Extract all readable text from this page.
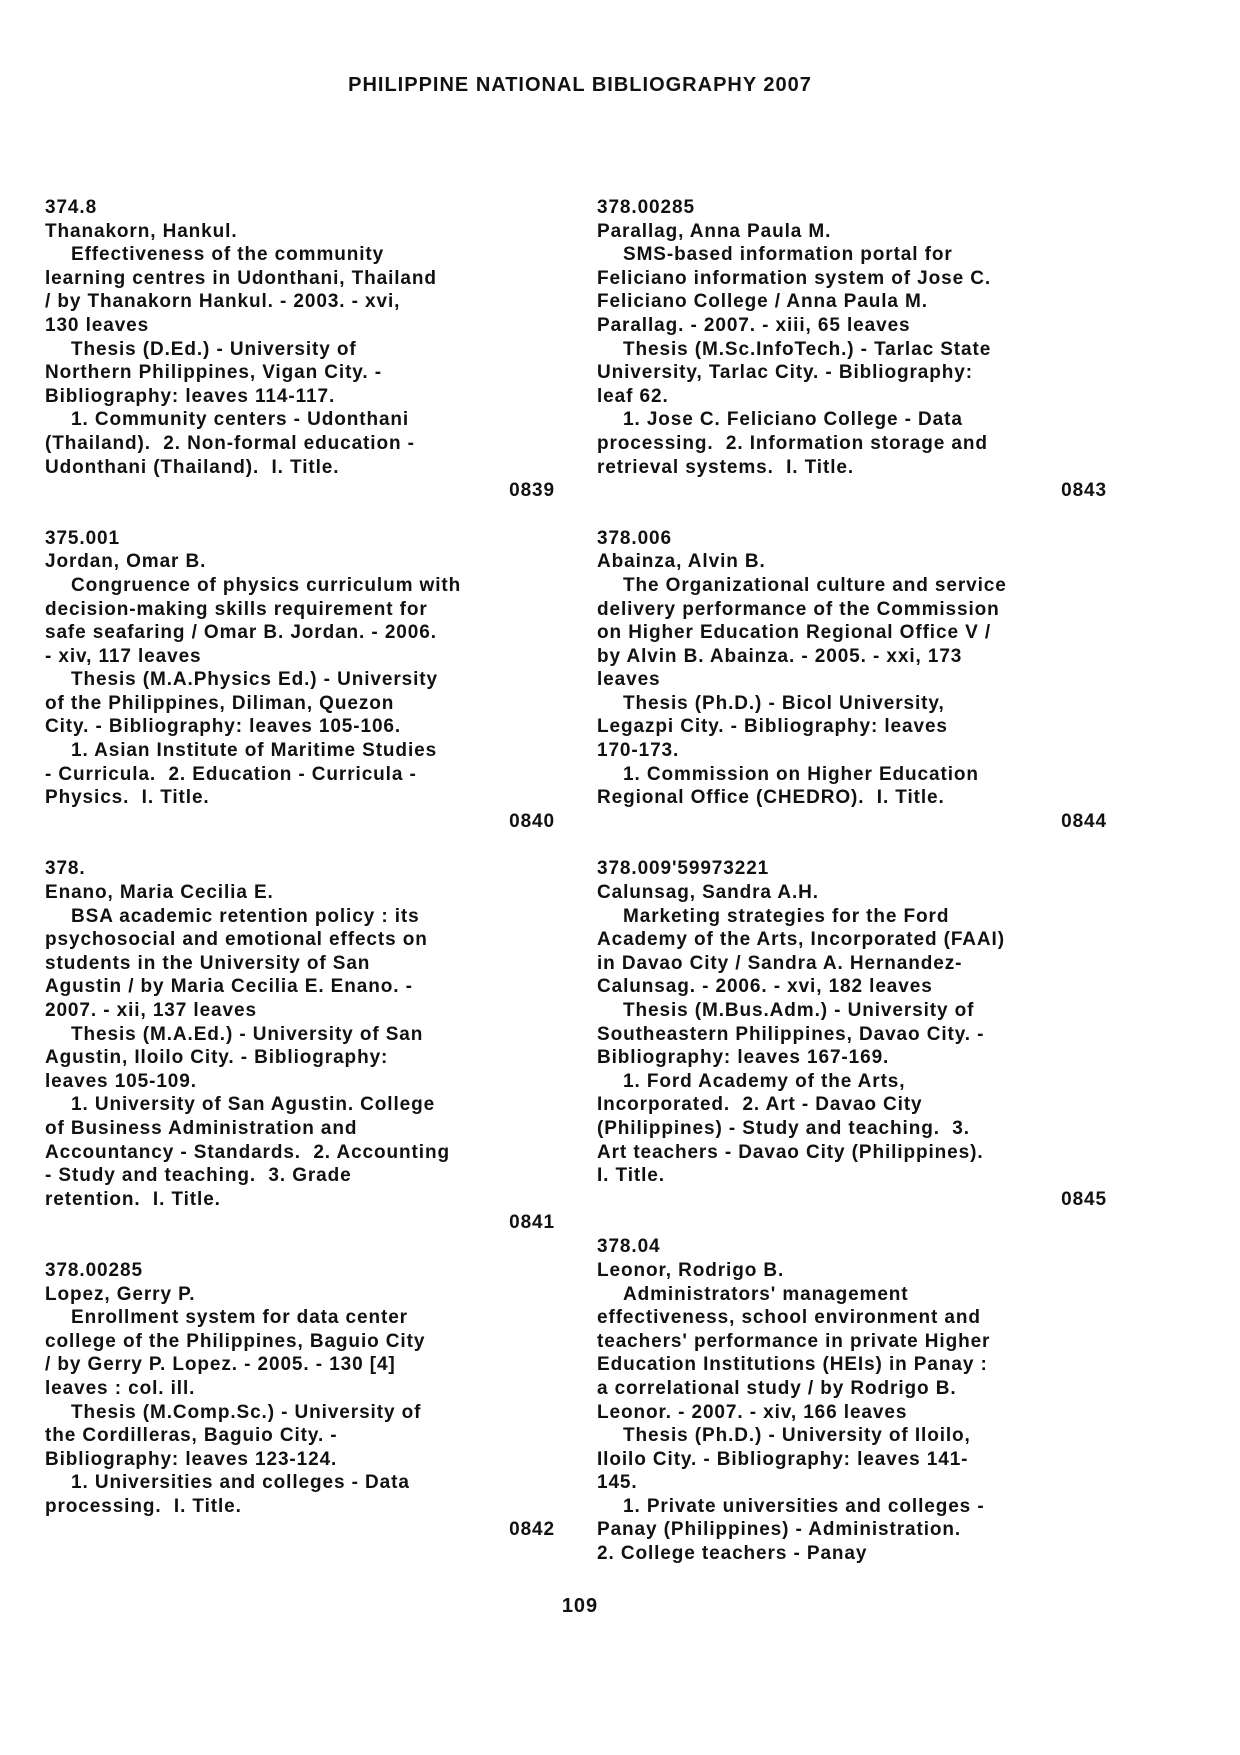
PHILIPPINE NATIONAL BIBLIOGRAPHY 2007
374.8
Thanakorn, Hankul.
Effectiveness of the community
learning centres in Udonthani, Thailand
/ by Thanakorn Hankul. - 2003. - xvi,
130 leaves
Thesis (D.Ed.) - University of
Northern Philippines, Vigan City. -
Bibliography: leaves 114-117.
1. Community centers - Udonthani
(Thailand).  2. Non-formal education -
Udonthani (Thailand).  I. Title.
0839
375.001
Jordan, Omar B.
Congruence of physics curriculum with
decision-making skills requirement for
safe seafaring / Omar B. Jordan. - 2006.
- xiv, 117 leaves
Thesis (M.A.Physics Ed.) - University
of the Philippines, Diliman, Quezon
City. - Bibliography: leaves 105-106.
1. Asian Institute of Maritime Studies
- Curricula.  2. Education - Curricula -
Physics.  I. Title.
0840
378.
Enano, Maria Cecilia E.
BSA academic retention policy : its
psychosocial and emotional effects on
students in the University of San
Agustin / by Maria Cecilia E. Enano. -
2007. - xii, 137 leaves
Thesis (M.A.Ed.) - University of San
Agustin, Iloilo City. - Bibliography:
leaves 105-109.
1. University of San Agustin. College
of Business Administration and
Accountancy - Standards.  2. Accounting
- Study and teaching.  3. Grade
retention.  I. Title.
0841
378.00285
Lopez, Gerry P.
Enrollment system for data center
college of the Philippines, Baguio City
/ by Gerry P. Lopez. - 2005. - 130 [4]
leaves : col. ill.
Thesis (M.Comp.Sc.) - University of
the Cordilleras, Baguio City. -
Bibliography: leaves 123-124.
1. Universities and colleges - Data
processing.  I. Title.
0842
378.00285
Parallag, Anna Paula M.
SMS-based information portal for
Feliciano information system of Jose C.
Feliciano College / Anna Paula M.
Parallag. - 2007. - xiii, 65 leaves
Thesis (M.Sc.InfoTech.) - Tarlac State
University, Tarlac City. - Bibliography:
leaf 62.
1. Jose C. Feliciano College - Data
processing.  2. Information storage and
retrieval systems.  I. Title.
0843
378.006
Abainza, Alvin B.
The Organizational culture and service
delivery performance of the Commission
on Higher Education Regional Office V /
by Alvin B. Abainza. - 2005. - xxi, 173
leaves
Thesis (Ph.D.) - Bicol University,
Legazpi City. - Bibliography: leaves
170-173.
1. Commission on Higher Education
Regional Office (CHEDRO).  I. Title.
0844
378.009'59973221
Calunsag, Sandra A.H.
Marketing strategies for the Ford
Academy of the Arts, Incorporated (FAAI)
in Davao City / Sandra A. Hernandez-
Calunsag. - 2006. - xvi, 182 leaves
Thesis (M.Bus.Adm.) - University of
Southeastern Philippines, Davao City. -
Bibliography: leaves 167-169.
1. Ford Academy of the Arts,
Incorporated.  2. Art - Davao City
(Philippines) - Study and teaching.  3.
Art teachers - Davao City (Philippines).
I. Title.
0845
378.04
Leonor, Rodrigo B.
Administrators' management
effectiveness, school environment and
teachers' performance in private Higher
Education Institutions (HEIs) in Panay :
a correlational study / by Rodrigo B.
Leonor. - 2007. - xiv, 166 leaves
Thesis (Ph.D.) - University of Iloilo,
Iloilo City. - Bibliography: leaves 141-
145.
1. Private universities and colleges -
Panay (Philippines) - Administration.
2. College teachers - Panay
109
